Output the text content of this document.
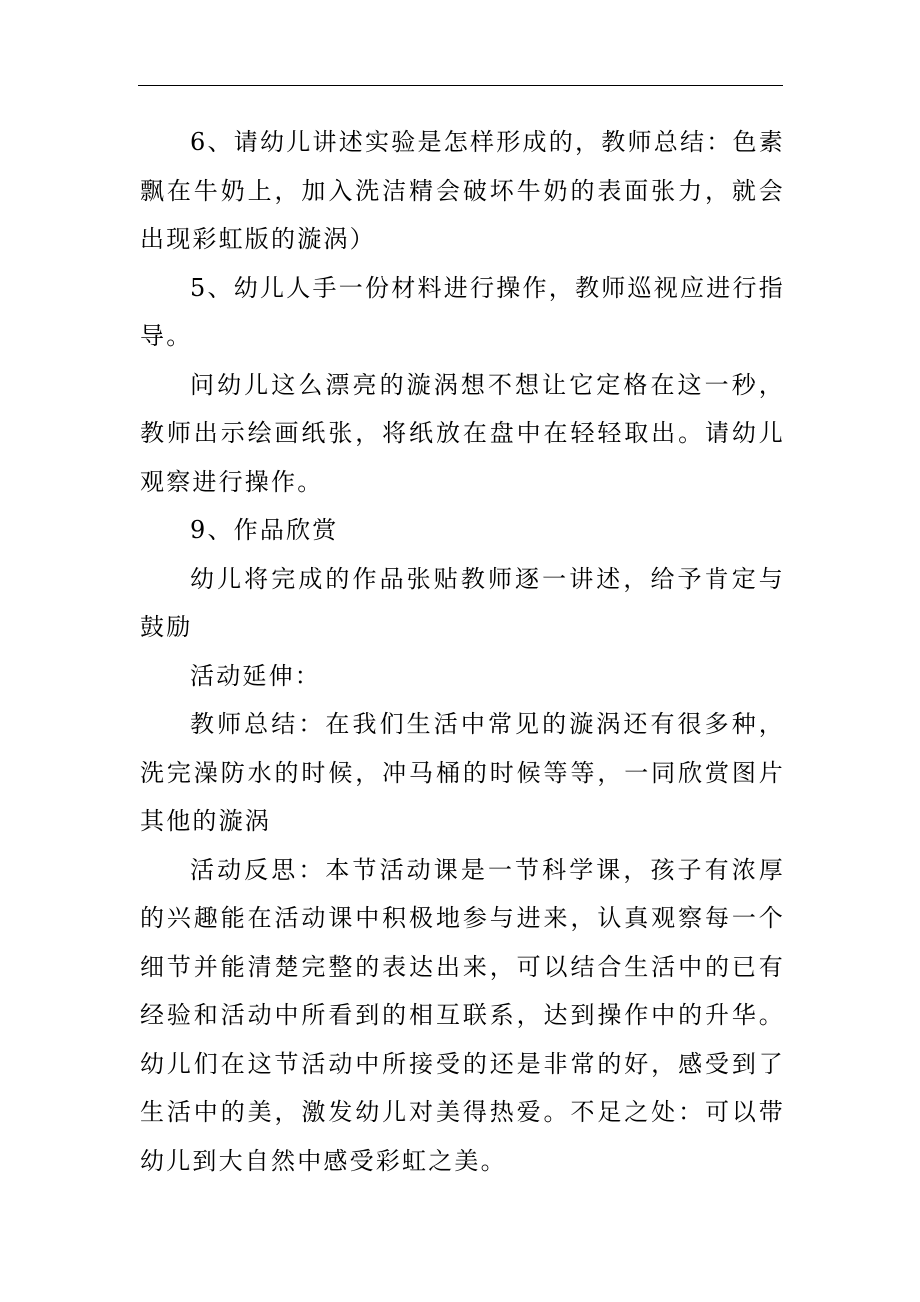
6、请幼儿讲述实验是怎样形成的，教师总结：色素飘在牛奶上，加入洗洁精会破坏牛奶的表面张力，就会出现彩虹版的漩涡）

5、幼儿人手一份材料进行操作，教师巡视应进行指导。

问幼儿这么漂亮的漩涡想不想让它定格在这一秒，教师出示绘画纸张，将纸放在盘中在轻轻取出。请幼儿观察进行操作。

9、作品欣赏

幼儿将完成的作品张贴教师逐一讲述，给予肯定与鼓励

活动延伸：

教师总结：在我们生活中常见的漩涡还有很多种，洗完澡防水的时候，冲马桶的时候等等，一同欣赏图片其他的漩涡

活动反思：本节活动课是一节科学课，孩子有浓厚的兴趣能在活动课中积极地参与进来，认真观察每一个细节并能清楚完整的表达出来，可以结合生活中的已有经验和活动中所看到的相互联系，达到操作中的升华。幼儿们在这节活动中所接受的还是非常的好，感受到了生活中的美，激发幼儿对美得热爱。不足之处：可以带幼儿到大自然中感受彩虹之美。
